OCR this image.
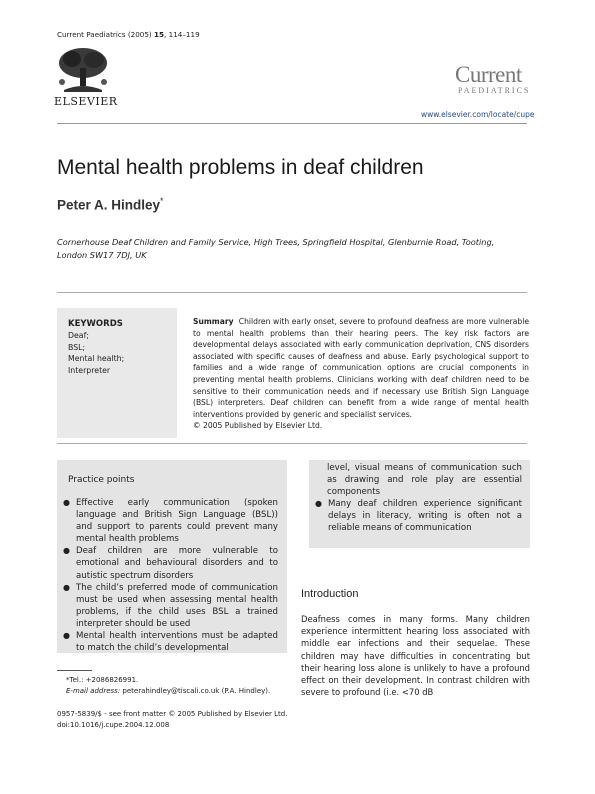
Current Paediatrics (2005) 15, 114–119
ELSEVIER
Current
PAEDIATRICS
www.elsevier.com/locate/cupe
Mental health problems in deaf children
Peter A. Hindley*
Cornerhouse Deaf Children and Family Service, High Trees, Springfield Hospital, Glenburnie Road, Tooting, London SW17 7DJ, UK
KEYWORDS
Deaf;
BSL;
Mental health;
Interpreter
Summary Children with early onset, severe to profound deafness are more vulnerable to mental health problems than their hearing peers. The key risk factors are developmental delays associated with early communication deprivation, CNS disorders associated with specific causes of deafness and abuse. Early psychological support to families and a wide range of communication options are crucial components in preventing mental health problems. Clinicians working with deaf children need to be sensitive to their communication needs and if necessary use British Sign Language (BSL) interpreters. Deaf children can benefit from a wide range of mental health interventions provided by generic and specialist services.
© 2005 Published by Elsevier Ltd.
Practice points
● Effective early communication (spoken language and British Sign Language (BSL)) and support to parents could prevent many mental health problems
● Deaf children are more vulnerable to emotional and behavioural disorders and to autistic spectrum disorders
● The child’s preferred mode of communication must be used when assessing mental health problems, if the child uses BSL a trained interpreter should be used
● Mental health interventions must be adapted to match the child’s developmental
level, visual means of communication such as drawing and role play are essential components
● Many deaf children experience significant delays in literacy, writing is often not a reliable means of communication
Introduction
Deafness comes in many forms. Many children experience intermittent hearing loss associated with middle ear infections and their sequelae. These children may have difficulties in concentrating but their hearing loss alone is unlikely to have a profound effect on their development. In contrast children with severe to profound (i.e. <70 dB
*Tel.: +2086826991.
E-mail address: peterahindley@tiscali.co.uk (P.A. Hindley).
0957-5839/$ - see front matter © 2005 Published by Elsevier Ltd.
doi:10.1016/j.cupe.2004.12.008
